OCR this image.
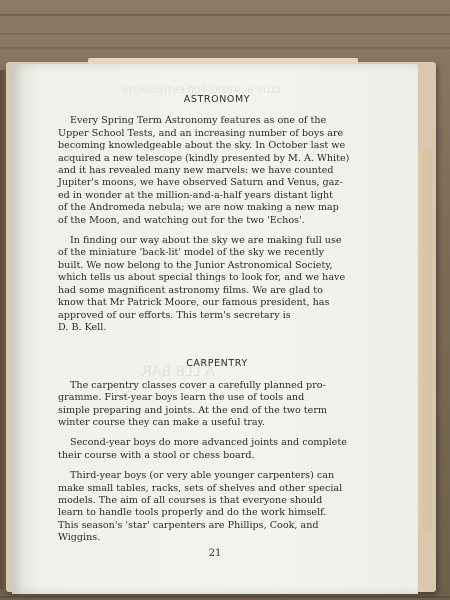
CLUB NUMBERS FOR ENTHUSIASTS
A LLB BAR
ASTRONOMY
Every Spring Term Astronomy features as one of the
Upper School Tests, and an increasing number of boys are
becoming knowledgeable about the sky. In October last we
acquired a new telescope (kindly presented by M. A. White)
and it has revealed many new marvels: we have counted
Jupiter's moons, we have observed Saturn and Venus, gaz-
ed in wonder at the million-and-a-half years distant light
of the Andromeda nebula; we are now making a new map
of the Moon, and watching out for the two 'Echos'.
In finding our way about the sky we are making full use
of the miniature 'back-lit' model of the sky we recently
built. We now belong to the Junior Astronomical Society,
which tells us about special things to look for, and we have
had some magnificent astronomy films. We are glad to
know that Mr Patrick Moore, our famous president, has
approved of our efforts. This term's secretary is
D. B. Kell.
CARPENTRY
The carpentry classes cover a carefully planned pro-
gramme. First-year boys learn the use of tools and
simple preparing and joints. At the end of the two term
winter course they can make a useful tray.
Second-year boys do more advanced joints and complete
their course with a stool or chess board.
Third-year boys (or very able younger carpenters) can
make small tables, racks, sets of shelves and other special
models. The aim of all courses is that everyone should
learn to handle tools properly and do the work himself.
This season's 'star' carpenters are Phillips, Cook, and
Wiggins.
21
